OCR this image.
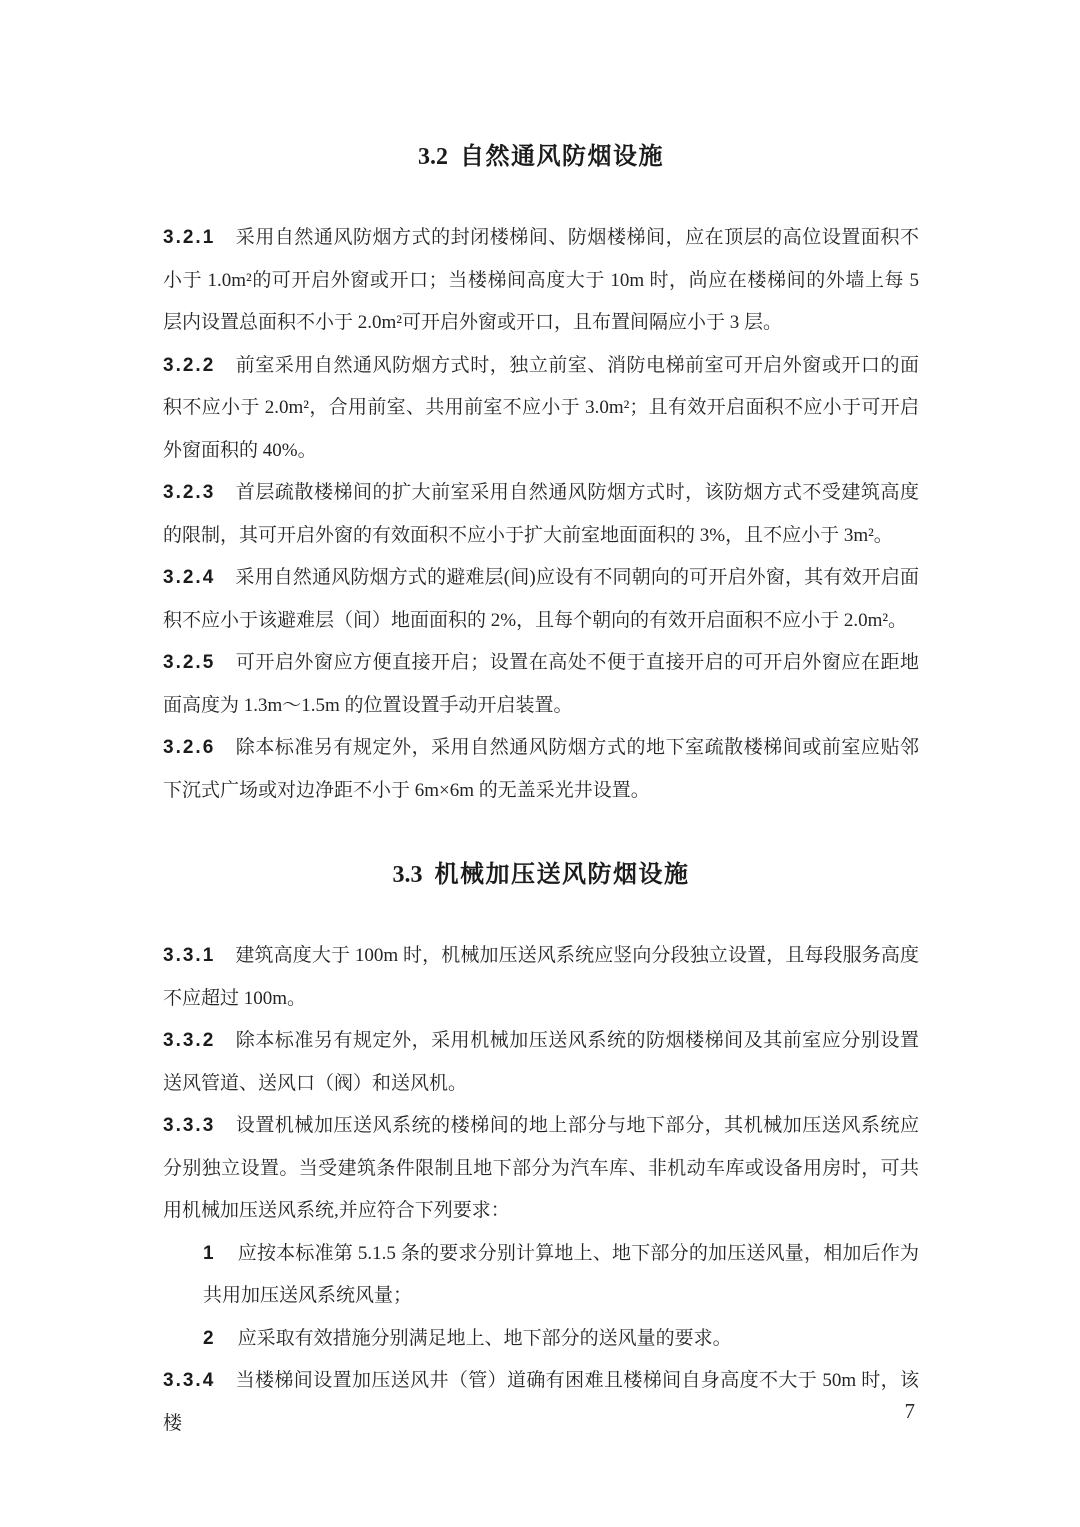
3.2 自然通风防烟设施

3.2.1 采用自然通风防烟方式的封闭楼梯间、防烟楼梯间，应在顶层的高位设置面积不小于 1.0m²的可开启外窗或开口；当楼梯间高度大于 10m 时，尚应在楼梯间的外墙上每 5 层内设置总面积不小于 2.0m²可开启外窗或开口，且布置间隔应小于 3 层。

3.2.2 前室采用自然通风防烟方式时，独立前室、消防电梯前室可开启外窗或开口的面积不应小于 2.0m²，合用前室、共用前室不应小于 3.0m²；且有效开启面积不应小于可开启外窗面积的 40%。

3.2.3 首层疏散楼梯间的扩大前室采用自然通风防烟方式时，该防烟方式不受建筑高度的限制，其可开启外窗的有效面积不应小于扩大前室地面面积的 3%，且不应小于 3m²。

3.2.4 采用自然通风防烟方式的避难层(间)应设有不同朝向的可开启外窗，其有效开启面积不应小于该避难层（间）地面面积的 2%，且每个朝向的有效开启面积不应小于 2.0m²。

3.2.5 可开启外窗应方便直接开启；设置在高处不便于直接开启的可开启外窗应在距地面高度为 1.3m～1.5m 的位置设置手动开启装置。

3.2.6 除本标准另有规定外，采用自然通风防烟方式的地下室疏散楼梯间或前室应贴邻下沉式广场或对边净距不小于 6m×6m 的无盖采光井设置。

3.3 机械加压送风防烟设施

3.3.1 建筑高度大于 100m 时，机械加压送风系统应竖向分段独立设置，且每段服务高度不应超过 100m。

3.3.2 除本标准另有规定外，采用机械加压送风系统的防烟楼梯间及其前室应分别设置送风管道、送风口（阀）和送风机。

3.3.3 设置机械加压送风系统的楼梯间的地上部分与地下部分，其机械加压送风系统应分别独立设置。当受建筑条件限制且地下部分为汽车库、非机动车库或设备用房时，可共用机械加压送风系统,并应符合下列要求：

1 应按本标准第 5.1.5 条的要求分别计算地上、地下部分的加压送风量，相加后作为共用加压送风系统风量；

2 应采取有效措施分别满足地上、地下部分的送风量的要求。

3.3.4 当楼梯间设置加压送风井（管）道确有困难且楼梯间自身高度不大于 50m 时，该楼	7
